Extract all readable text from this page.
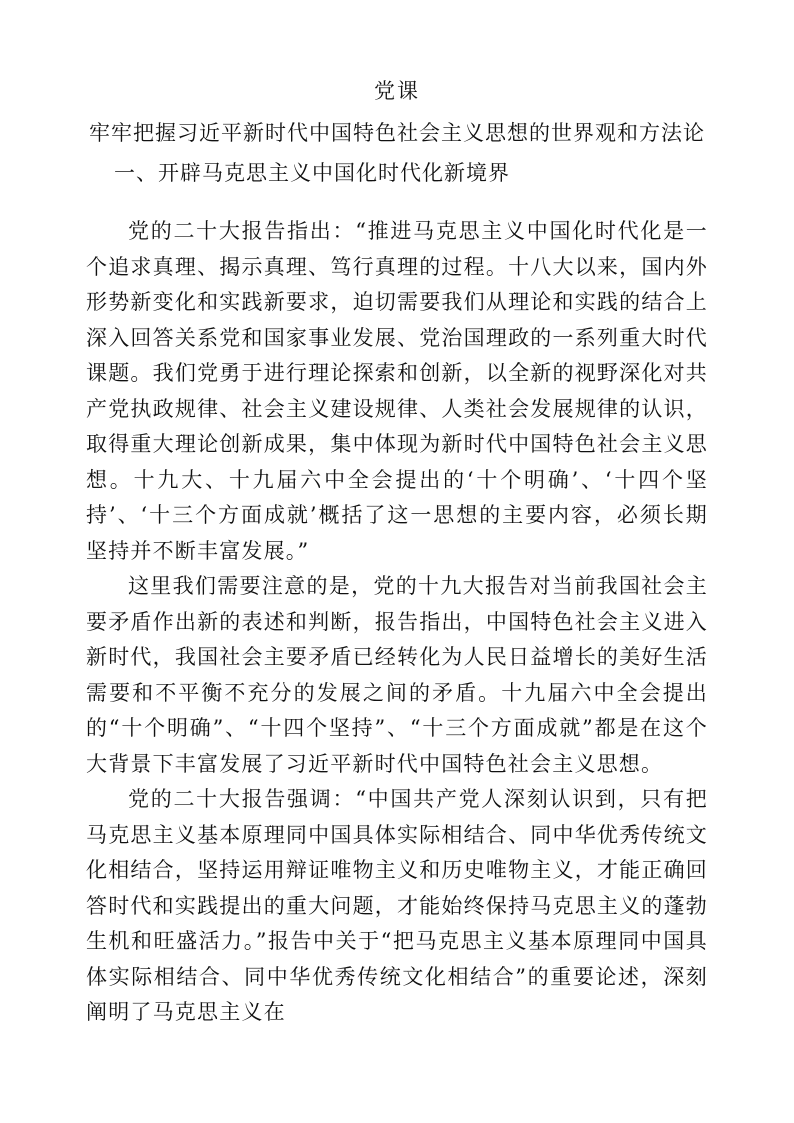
党课
牢牢把握习近平新时代中国特色社会主义思想的世界观和方法论
一、开辟马克思主义中国化时代化新境界

党的二十大报告指出：“推进马克思主义中国化时代化是一个追求真理、揭示真理、笃行真理的过程。十八大以来，国内外形势新变化和实践新要求，迫切需要我们从理论和实践的结合上深入回答关系党和国家事业发展、党治国理政的一系列重大时代课题。我们党勇于进行理论探索和创新，以全新的视野深化对共产党执政规律、社会主义建设规律、人类社会发展规律的认识，取得重大理论创新成果，集中体现为新时代中国特色社会主义思想。十九大、十九届六中全会提出的‘十个明确’、‘十四个坚持’、‘十三个方面成就’概括了这一思想的主要内容，必须长期坚持并不断丰富发展。”

这里我们需要注意的是，党的十九大报告对当前我国社会主要矛盾作出新的表述和判断，报告指出，中国特色社会主义进入新时代，我国社会主要矛盾已经转化为人民日益增长的美好生活需要和不平衡不充分的发展之间的矛盾。十九届六中全会提出的“十个明确”、“十四个坚持”、“十三个方面成就”都是在这个大背景下丰富发展了习近平新时代中国特色社会主义思想。

党的二十大报告强调：“中国共产党人深刻认识到，只有把马克思主义基本原理同中国具体实际相结合、同中华优秀传统文化相结合，坚持运用辩证唯物主义和历史唯物主义，才能正确回答时代和实践提出的重大问题，才能始终保持马克思主义的蓬勃生机和旺盛活力。”报告中关于“把马克思主义基本原理同中国具体实际相结合、同中华优秀传统文化相结合”的重要论述，深刻阐明了马克思主义在
